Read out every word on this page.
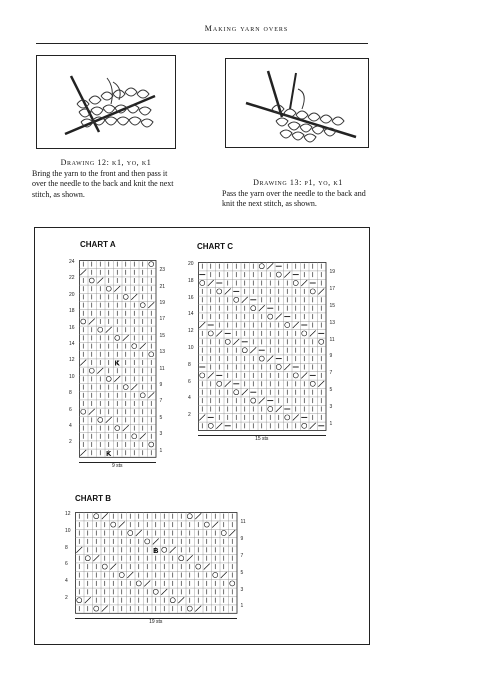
Making yarn overs
Drawing 12: k1, yo, k1
Bring the yarn to the front and then pass it over the needle to the back and knit the next stitch, as shown.
Drawing 13: p1, yo, k1
Pass the yarn over the needle to the back and knit the next stitch, as shown.
CHART A	CHART C
CHART B
K
K
24
22
20
18
16
14
12
10
8
6
4
2
23
21
19
17
15
13
11
9
7
5
3
1
9 sts
20
18
16
14
12
10
8
6
4
2
19
17
15
13
11
9
7
5
3
1
15 sts
B
12
10
8
6
4
2
11
9
7
5
3
1
19 sts
